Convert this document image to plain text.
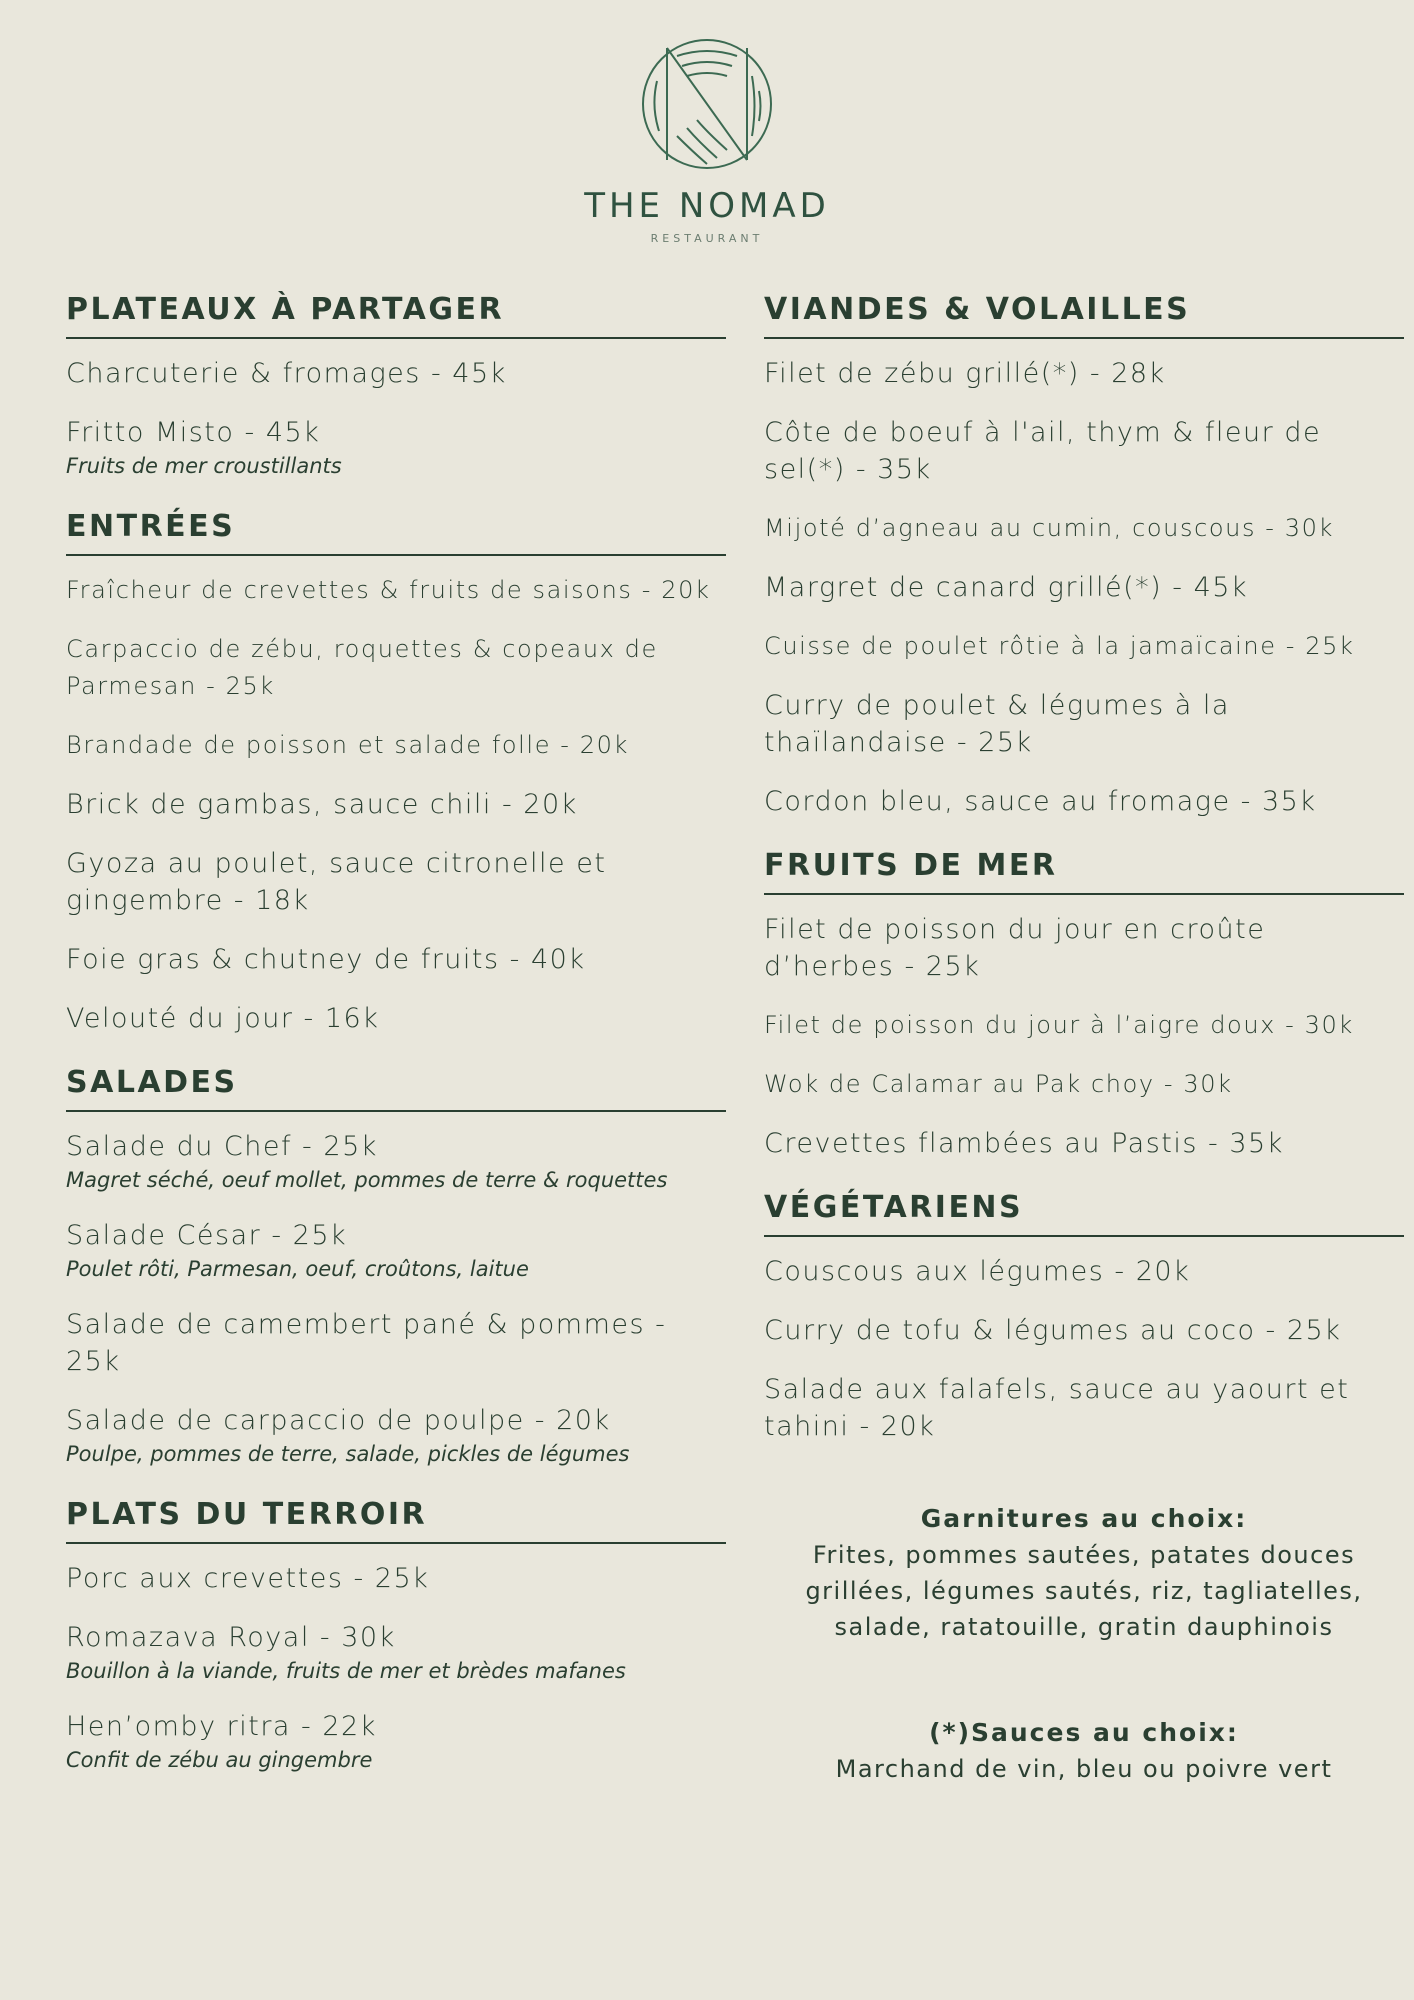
THE NOMAD
RESTAURANT
PLATEAUX À PARTAGER
Charcuterie & fromages - 45k
Fritto Misto - 45k
Fruits de mer croustillants
ENTRÉES
Fraîcheur de crevettes & fruits de saisons - 20k
Carpaccio de zébu, roquettes & copeaux de Parmesan - 25k
Brandade de poisson et salade folle - 20k
Brick de gambas, sauce chili - 20k
Gyoza au poulet, sauce citronelle et gingembre - 18k
Foie gras & chutney de fruits - 40k
Velouté du jour - 16k
SALADES
Salade du Chef - 25k
Magret séché, oeuf mollet, pommes de terre & roquettes
Salade César - 25k
Poulet rôti, Parmesan, oeuf, croûtons, laitue
Salade de camembert pané & pommes - 25k
Salade de carpaccio de poulpe - 20k
Poulpe, pommes de terre, salade, pickles de légumes
PLATS DU TERROIR
Porc aux crevettes - 25k
Romazava Royal - 30k
Bouillon à la viande, fruits de mer et brèdes mafanes
Hen’omby ritra - 22k
Confit de zébu au gingembre
VIANDES & VOLAILLES
Filet de zébu grillé(*) - 28k
Côte de boeuf à l'ail, thym & fleur de sel(*) - 35k
Mijoté d’agneau au cumin, couscous - 30k
Margret de canard grillé(*) - 45k
Cuisse de poulet rôtie à la jamaïcaine - 25k
Curry de poulet & légumes à la thaïlandaise - 25k
Cordon bleu, sauce au fromage - 35k
FRUITS DE MER
Filet de poisson du jour en croûte d’herbes - 25k
Filet de poisson du jour à l’aigre doux - 30k
Wok de Calamar au Pak choy - 30k
Crevettes flambées au Pastis - 35k
VÉGÉTARIENS
Couscous aux légumes - 20k
Curry de tofu & légumes au coco - 25k
Salade aux falafels, sauce au yaourt et tahini - 20k
Garnitures au choix:
Frites, pommes sautées, patates douces grillées, légumes sautés, riz, tagliatelles, salade, ratatouille, gratin dauphinois
(*)Sauces au choix:
Marchand de vin, bleu ou poivre vert
